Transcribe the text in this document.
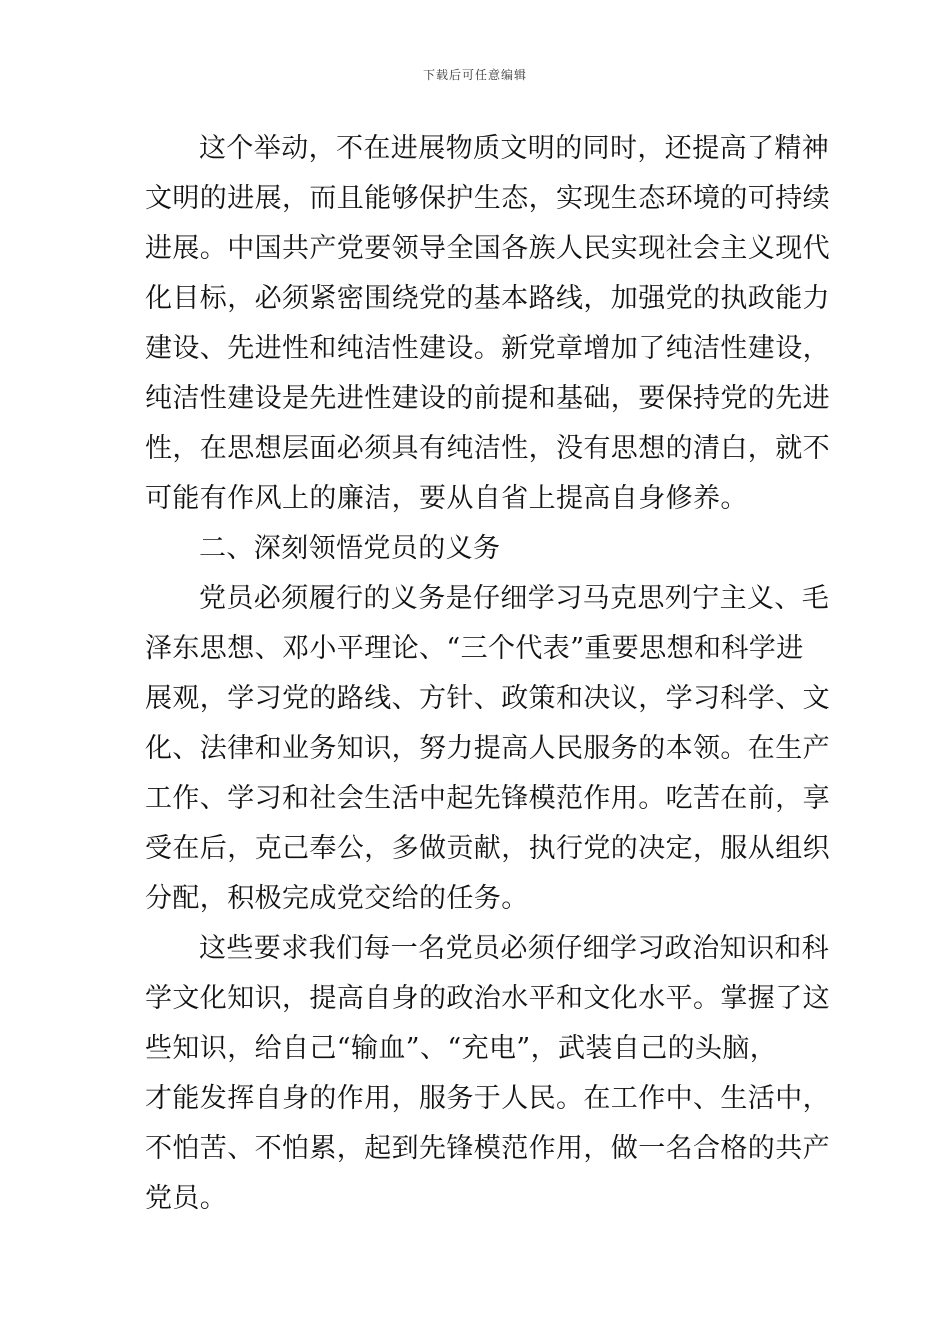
下载后可任意编辑
这个举动，不在进展物质文明的同时，还提高了精神
文明的进展，而且能够保护生态，实现生态环境的可持续
进展。中国共产党要领导全国各族人民实现社会主义现代
化目标，必须紧密围绕党的基本路线，加强党的执政能力
建设、先进性和纯洁性建设。新党章增加了纯洁性建设，
纯洁性建设是先进性建设的前提和基础，要保持党的先进
性，在思想层面必须具有纯洁性，没有思想的清白，就不
可能有作风上的廉洁，要从自省上提高自身修养。
二、深刻领悟党员的义务
党员必须履行的义务是仔细学习马克思列宁主义、毛
泽东思想、邓小平理论、“三个代表”重要思想和科学进
展观，学习党的路线、方针、政策和决议，学习科学、文
化、法律和业务知识，努力提高人民服务的本领。在生产
工作、学习和社会生活中起先锋模范作用。吃苦在前，享
受在后，克己奉公，多做贡献，执行党的决定，服从组织
分配，积极完成党交给的任务。
这些要求我们每一名党员必须仔细学习政治知识和科
学文化知识，提高自身的政治水平和文化水平。掌握了这
些知识，给自己“输血”、“充电”，武装自己的头脑，
才能发挥自身的作用，服务于人民。在工作中、生活中，
不怕苦、不怕累，起到先锋模范作用，做一名合格的共产
党员。
